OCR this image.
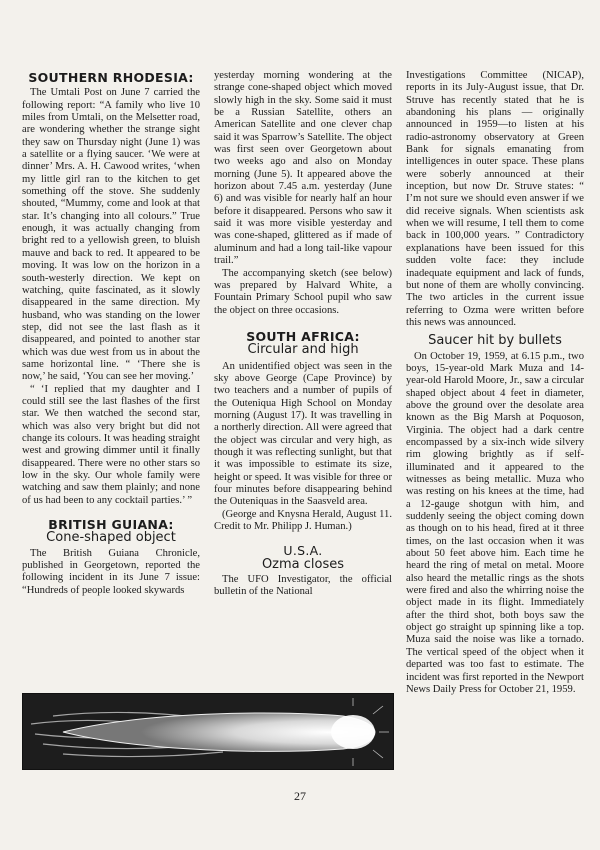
SOUTHERN RHODESIA:

The Umtali Post on June 7 carried the following report: “A family who live 10 miles from Umtali, on the Melsetter road, are wondering whether the strange sight they saw on Thursday night (June 1) was a satellite or a flying saucer. ‘We were at dinner’ Mrs. A. H. Cawood writes, ‘when my little girl ran to the kitchen to get something off the stove. She suddenly shouted, “Mummy, come and look at that star. It’s changing into all colours.” True enough, it was actually changing from bright red to a yellowish green, to bluish mauve and back to red. It appeared to be moving. It was low on the horizon in a south-westerly direction. We kept on watching, quite fascinated, as it slowly disappeared in the same direction. My husband, who was standing on the lower step, did not see the last flash as it disappeared, and pointed to another star which was due west from us in about the same horizontal line. “ ‘There she is now,’ he said, ‘You can see her moving.’

“ ‘I replied that my daughter and I could still see the last flashes of the first star. We then watched the second star, which was also very bright but did not change its colours. It was heading straight west and growing dimmer until it finally disappeared. There were no other stars so low in the sky. Our whole family were watching and saw them plainly; and none of us had been to any cocktail parties.’ ”

BRITISH GUIANA:
Cone-shaped object

The British Guiana Chronicle, published in Georgetown, reported the following incident in its June 7 issue: “Hundreds of people looked skywards

yesterday morning wondering at the strange cone-shaped object which moved slowly high in the sky. Some said it must be a Russian Satellite, others an American Satellite and one clever chap said it was Sparrow’s Satellite. The object was first seen over Georgetown about two weeks ago and also on Monday morning (June 5). It appeared above the horizon about 7.45 a.m. yesterday (June 6) and was visible for nearly half an hour before it disappeared. Persons who saw it said it was more visible yesterday and was cone-shaped, glittered as if made of aluminum and had a long tail-like vapour trail.”

The accompanying sketch (see below) was prepared by Halvard White, a Fountain Primary School pupil who saw the object on three occasions.

SOUTH AFRICA:
Circular and high

An unidentified object was seen in the sky above George (Cape Province) by two teachers and a number of pupils of the Outeniqua High School on Monday morning (August 17). It was travelling in a northerly direction. All were agreed that the object was circular and very high, as though it was reflecting sunlight, but that it was impossible to estimate its size, height or speed. It was visible for three or four minutes before disappearing behind the Outeniquas in the Saasveld area.

(George and Knysna Herald, August 11. Credit to Mr. Philipp J. Human.)

U.S.A.
Ozma closes

The UFO Investigator, the official bulletin of the National

Investigations Committee (NICAP), reports in its July-August issue, that Dr. Struve has recently stated that he is abandoning his plans — originally announced in 1959—to listen at his radio-astronomy observatory at Green Bank for signals emanating from intelligences in outer space. These plans were soberly announced at their inception, but now Dr. Struve states: “ I’m not sure we should even answer if we did receive signals. When scientists ask when we will resume, I tell them to come back in 100,000 years. ” Contradictory explanations have been issued for this sudden volte face: they include inadequate equipment and lack of funds, but none of them are wholly convincing. The two articles in the current issue referring to Ozma were written before this news was announced.

Saucer hit by bullets

On October 19, 1959, at 6.15 p.m., two boys, 15-year-old Mark Muza and 14-year-old Harold Moore, Jr., saw a circular shaped object about 4 feet in diameter, above the ground over the desolate area known as the Big Marsh at Poquoson, Virginia. The object had a dark centre encompassed by a six-inch wide silvery rim glowing brightly as if self-illuminated and it appeared to the witnesses as being metallic. Muza who was resting on his knees at the time, had a 12-gauge shotgun with him, and suddenly seeing the object coming down as though on to his head, fired at it three times, on the last occasion when it was about 50 feet above him. Each time he heard the ring of metal on metal. Moore also heard the metallic rings as the shots were fired and also the whirring noise the object made in its flight. Immediately after the third shot, both boys saw the object go straight up spinning like a top. Muza said the noise was like a tornado. The vertical speed of the object when it departed was too fast to estimate. The incident was first reported in the Newport News Daily Press for October 21, 1959.

27
